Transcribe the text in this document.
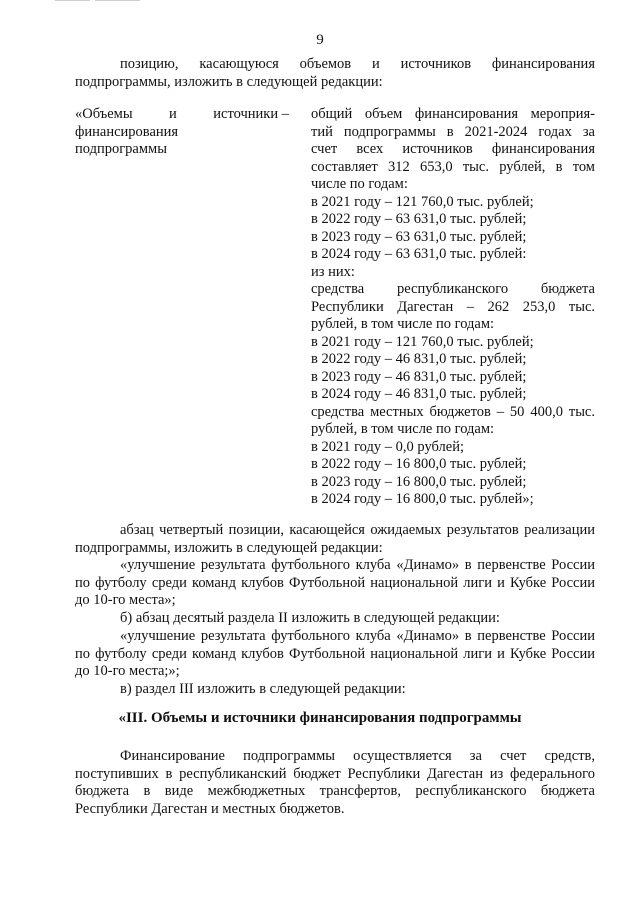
9
позицию, касающуюся объемов и источников финансирования
подпрограммы, изложить в следующей редакции:
«Объемы	и	источники –
финансирования
подпрограммы
общий объем финансирования мероприя-
тий подпрограммы в 2021-2024 годах за
счет всех источников финансирования
составляет 312 653,0 тыс. рублей, в том
числе по годам:
в 2021 году – 121 760,0 тыс. рублей;
в 2022 году – 63 631,0 тыс. рублей;
в 2023 году – 63 631,0 тыс. рублей;
в 2024 году – 63 631,0 тыс. рублей:
из них:
средства республиканского бюджета
Республики Дагестан – 262 253,0 тыс.
рублей, в том числе по годам:
в 2021 году – 121 760,0 тыс. рублей;
в 2022 году – 46 831,0 тыс. рублей;
в 2023 году – 46 831,0 тыс. рублей;
в 2024 году – 46 831,0 тыс. рублей;
средства местных бюджетов – 50 400,0 тыс.
рублей, в том числе по годам:
в 2021 году – 0,0 рублей;
в 2022 году – 16 800,0 тыс. рублей;
в 2023 году – 16 800,0 тыс. рублей;
в 2024 году – 16 800,0 тыс. рублей»;
абзац четвертый позиции, касающейся ожидаемых результатов реализации подпрограммы, изложить в следующей редакции:
«улучшение результата футбольного клуба «Динамо» в первенстве России по футболу среди команд клубов Футбольной национальной лиги и Кубке России до 10-го места»;
б) абзац десятый раздела II изложить в следующей редакции:
«улучшение результата футбольного клуба «Динамо» в первенстве России по футболу среди команд клубов Футбольной национальной лиги и Кубке России до 10-го места;»;
в) раздел III изложить в следующей редакции:
«III. Объемы и источники финансирования подпрограммы
Финансирование подпрограммы осуществляется за счет средств, поступивших в республиканский бюджет Республики Дагестан из федерального бюджета в виде межбюджетных трансфертов, республиканского бюджета Республики Дагестан и местных бюджетов.
